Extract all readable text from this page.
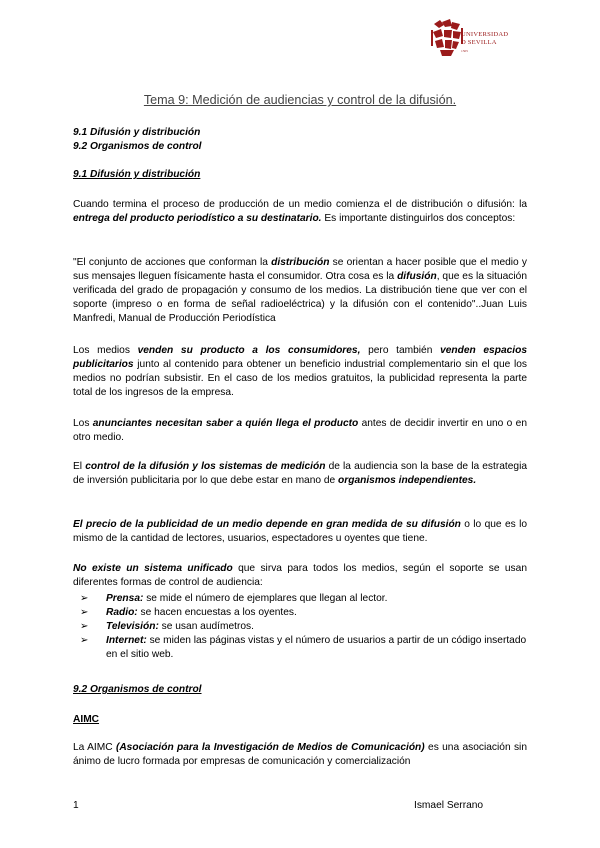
UNIVERSIDAD
D SEVILLA
1505
Tema 9: Medición de audiencias y control de la difusión.
9.1 Difusión y distribución
9.2 Organismos de control
9.1 Difusión y distribución
Cuando termina el proceso de producción de un medio comienza el de distribución o difusión: la entrega del producto periodístico a su destinatario. Es importante distinguirlos dos conceptos:
"El conjunto de acciones que conforman la distribución se orientan a hacer posible que el medio y sus mensajes lleguen físicamente hasta el consumidor. Otra cosa es la difusión, que es la situación verificada del grado de propagación y consumo de los medios. La distribución tiene que ver con el soporte (impreso o en forma de señal radioeléctrica) y la difusión con el contenido"..Juan Luis Manfredi, Manual de Producción Periodística
Los medios venden su producto a los consumidores, pero también venden espacios publicitarios junto al contenido para obtener un beneficio industrial complementario sin el que los medios no podrían subsistir. En el caso de los medios gratuitos, la publicidad representa la parte total de los ingresos de la empresa.
Los anunciantes necesitan saber a quién llega el producto antes de decidir invertir en uno o en otro medio.
El control de la difusión y los sistemas de medición de la audiencia son la base de la estrategia de inversión publicitaria por lo que debe estar en mano de organismos independientes.
El precio de la publicidad de un medio depende en gran medida de su difusión o lo que es lo mismo de la cantidad de lectores, usuarios, espectadores u oyentes que tiene.
No existe un sistema unificado que sirva para todos los medios, según el soporte se usan diferentes formas de control de audiencia:
➢ Prensa: se mide el número de ejemplares que llegan al lector.
➢ Radio: se hacen encuestas a los oyentes.
➢ Televisión: se usan audímetros.
➢ Internet: se miden las páginas vistas y el número de usuarios a partir de un código insertado en el sitio web.
9.2 Organismos de control
AIMC
La AIMC (Asociación para la Investigación de Medios de Comunicación) es una asociación sin ánimo de lucro formada por empresas de comunicación y comercialización
1	Ismael Serrano
